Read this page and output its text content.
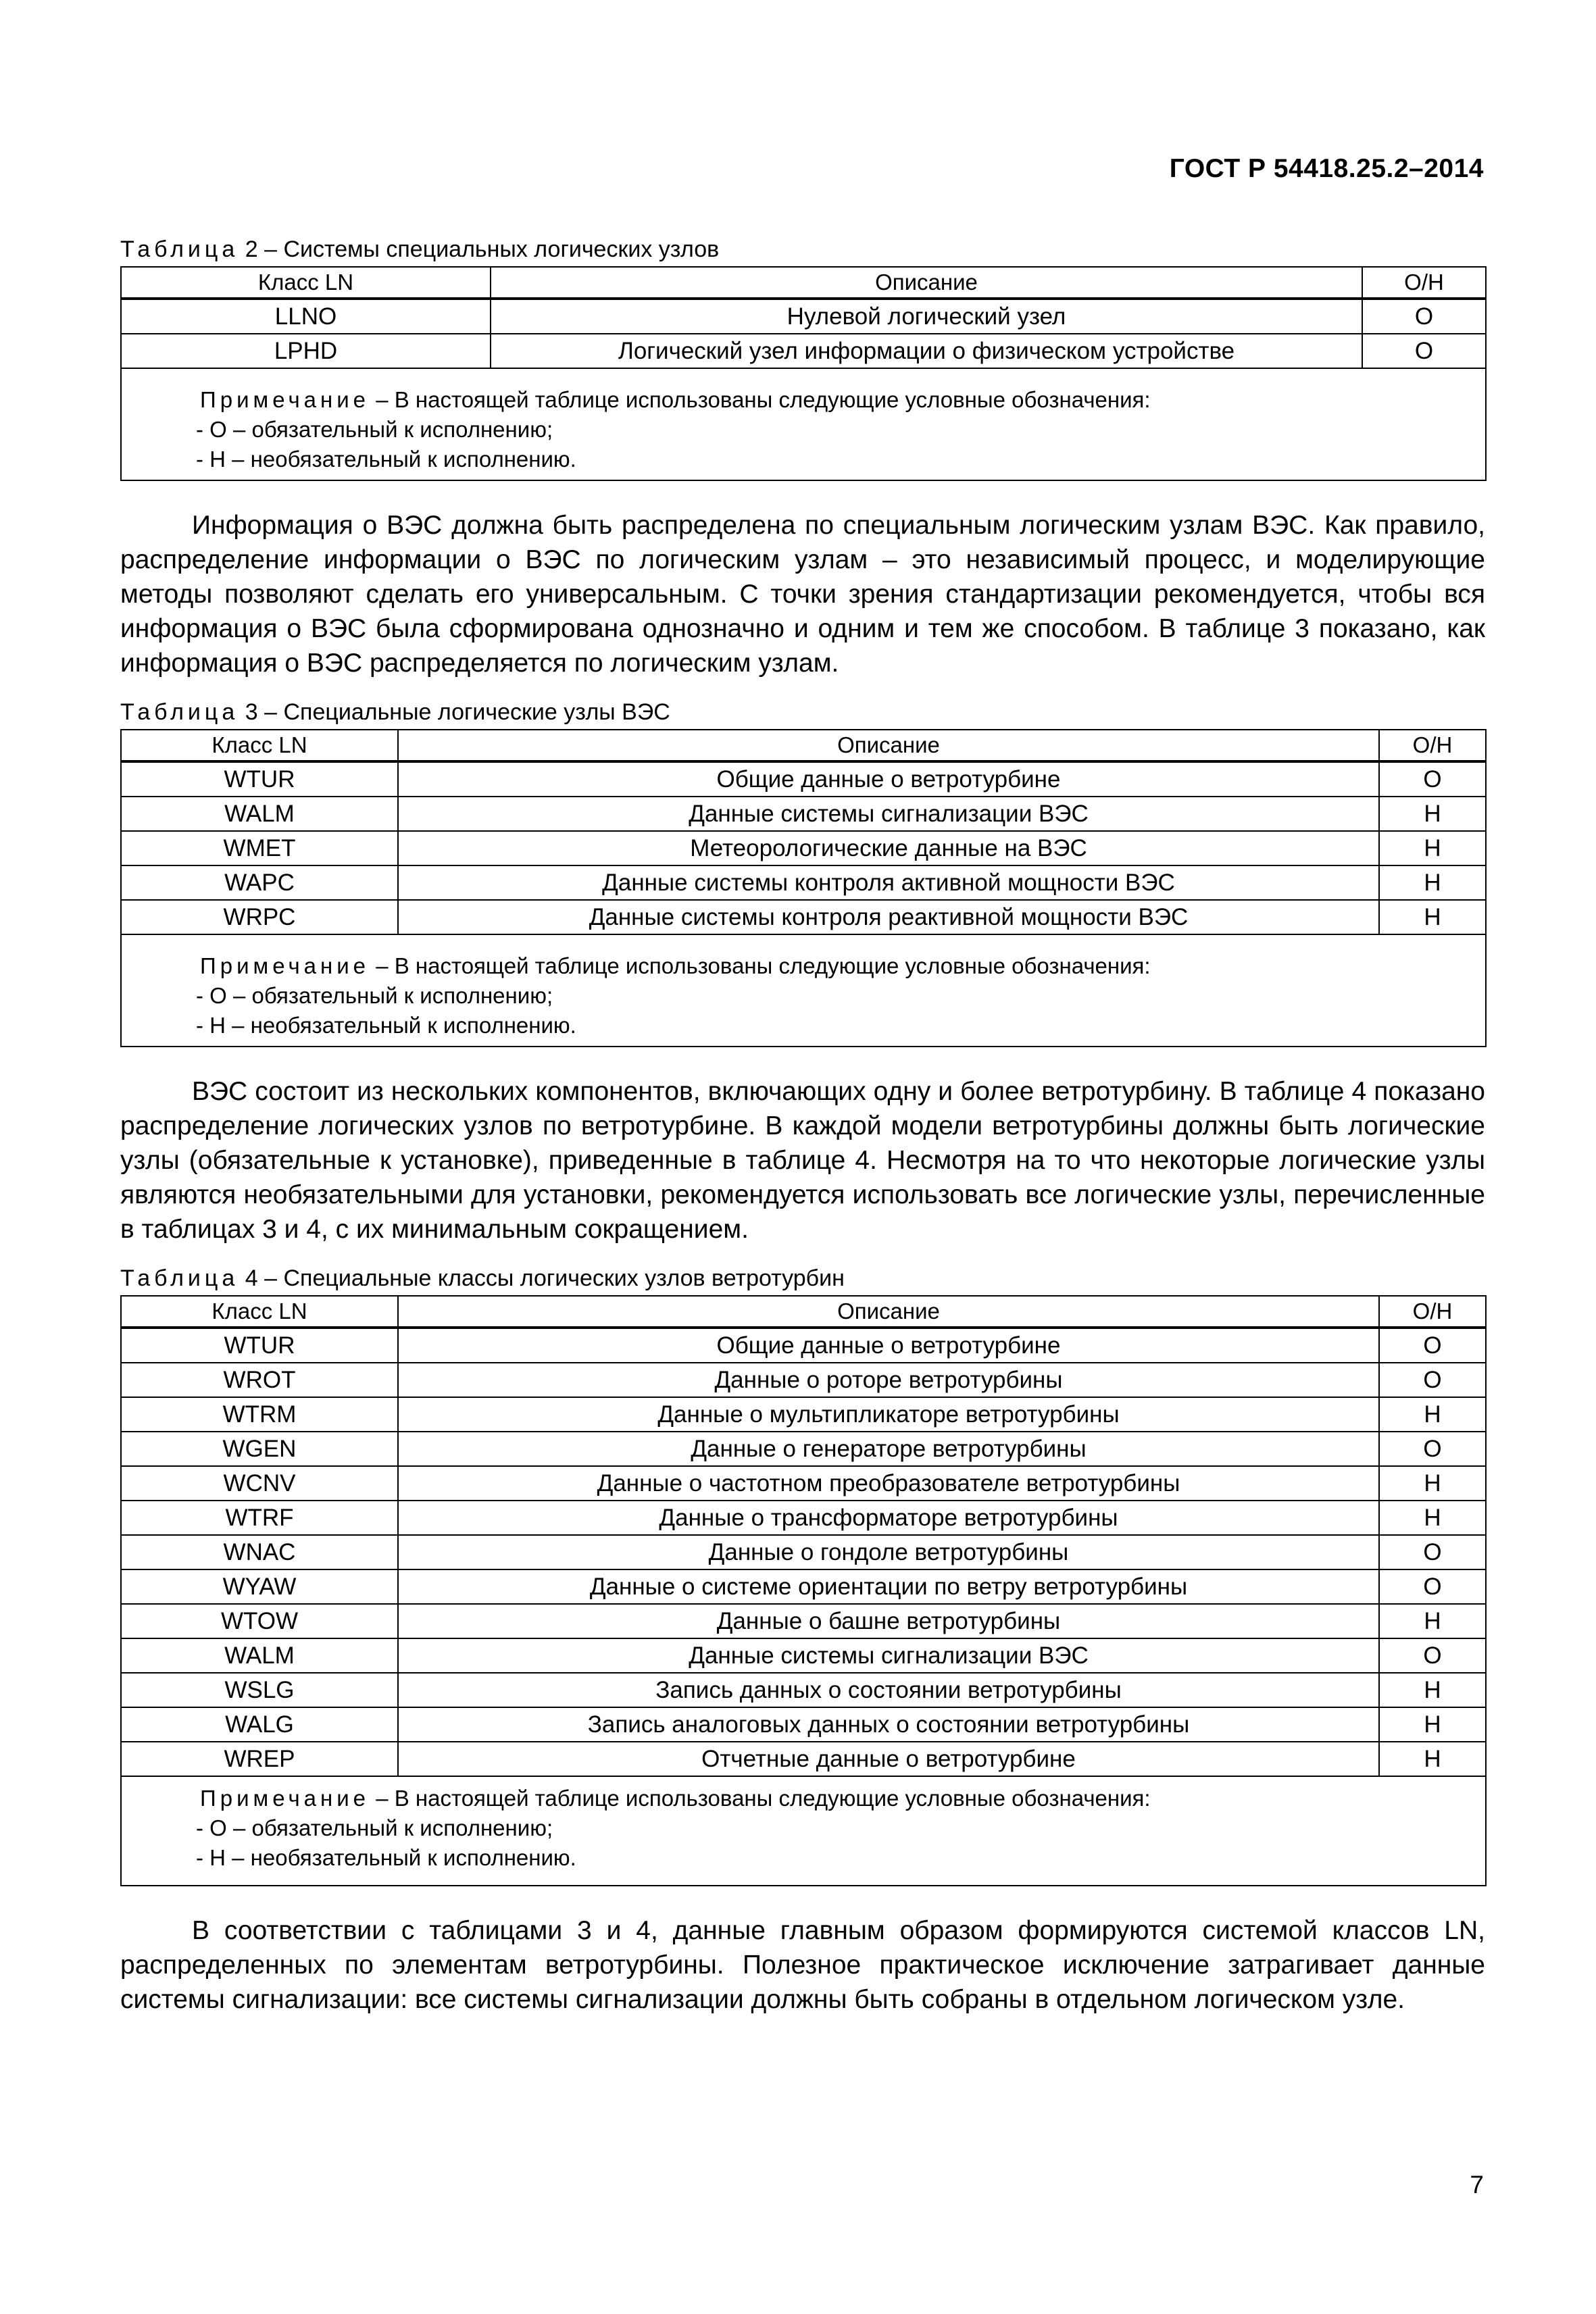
ГОСТ Р 54418.25.2–2014
Таблица 2 – Системы специальных логических узлов
Класс LN	Описание	О/Н
LLNO	Нулевой логический узел	О
LPHD	Логический узел информации о физическом устройстве	О

Примечание – В настоящей таблице использованы следующие условные обозначения:
- О – обязательный к исполнению;
- Н – необязательный к исполнению.		

Информация о ВЭС должна быть распределена по специальным логическим узлам ВЭС. Как правило, распределение информации о ВЭС по логическим узлам – это независимый процесс, и моделирующие методы позволяют сделать его универсальным. С точки зрения стандартизации рекомендуется, чтобы вся информация о ВЭС была сформирована однозначно и одним и тем же способом. В таблице 3 показано, как информация о ВЭС распределяется по логическим узлам.

Таблица 3 – Специальные логические узлы ВЭС
Класс LN	Описание	О/Н
WTUR	Общие данные о ветротурбине	О
WALM	Данные системы сигнализации ВЭС	Н
WMET	Метеорологические данные на ВЭС	Н
WAPC	Данные системы контроля активной мощности ВЭС	Н
WRPC	Данные системы контроля реактивной мощности ВЭС	Н

Примечание – В настоящей таблице использованы следующие условные обозначения:
- О – обязательный к исполнению;
- Н – необязательный к исполнению.		

ВЭС состоит из нескольких компонентов, включающих одну и более ветротурбину. В таблице 4 показано распределение логических узлов по ветротурбине. В каждой модели ветротурбины должны быть логические узлы (обязательные к установке), приведенные в таблице 4. Несмотря на то что некоторые логические узлы являются необязательными для установки, рекомендуется использовать все логические узлы, перечисленные в таблицах 3 и 4, с их минимальным сокращением.

Таблица 4 – Специальные классы логических узлов ветротурбин
Класс LN	Описание	О/Н
WTUR	Общие данные о ветротурбине	О
WROT	Данные о роторе ветротурбины	О
WTRM	Данные о мультипликаторе ветротурбины	Н
WGEN	Данные о генераторе ветротурбины	О
WCNV	Данные о частотном преобразователе ветротурбины	Н
WTRF	Данные о трансформаторе ветротурбины	Н
WNAC	Данные о гондоле ветротурбины	О
WYAW	Данные о системе ориентации по ветру ветротурбины	О
WTOW	Данные о башне ветротурбины	Н
WALM	Данные системы сигнализации ВЭС	О
WSLG	Запись данных о состоянии ветротурбины	Н
WALG	Запись аналоговых данных о состоянии ветротурбины	Н
WREP	Отчетные данные о ветротурбине	Н

Примечание – В настоящей таблице использованы следующие условные обозначения:
- О – обязательный к исполнению;
- Н – необязательный к исполнению.		

В соответствии с таблицами 3 и 4, данные главным образом формируются системой классов LN, распределенных по элементам ветротурбины. Полезное практическое исключение затрагивает данные системы сигнализации: все системы сигнализации должны быть собраны в отдельном логическом узле.

7
